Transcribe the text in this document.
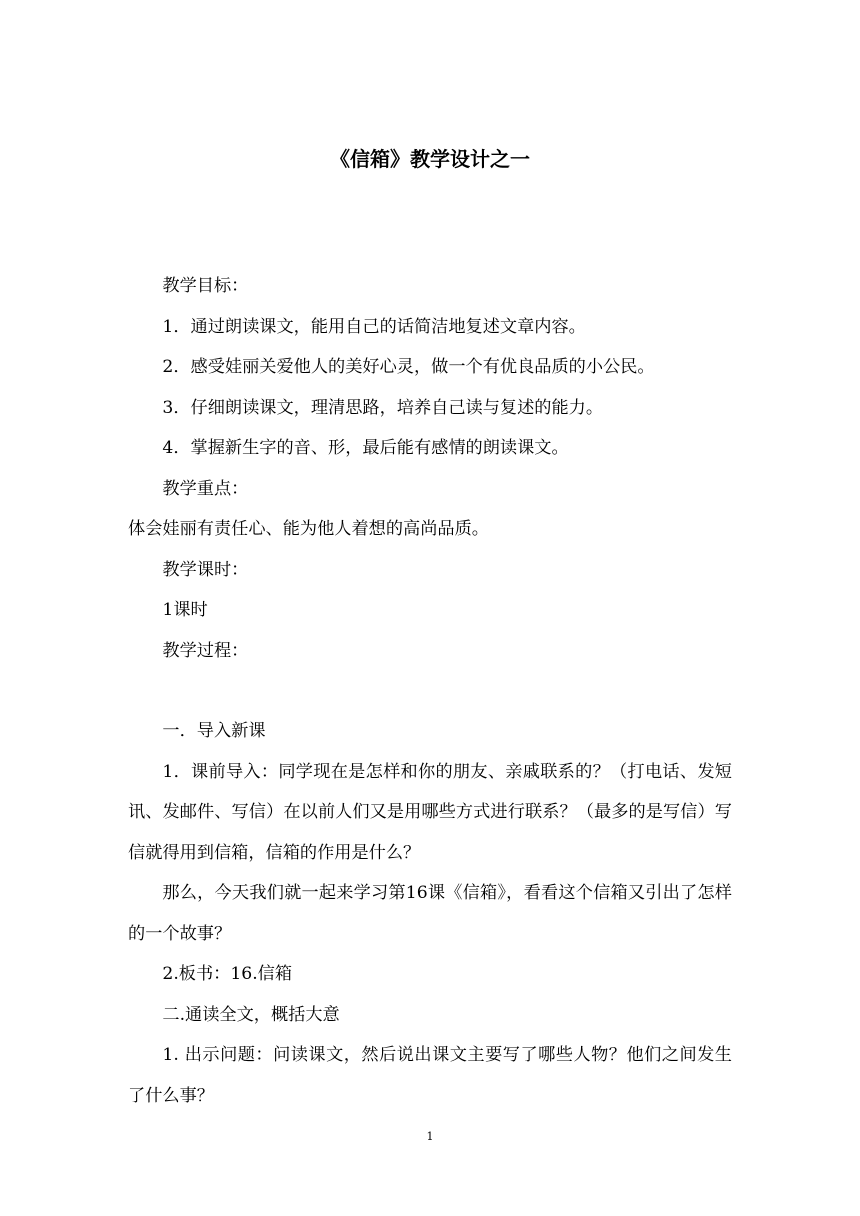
《信箱》教学设计之一

教学目标：

1．通过朗读课文，能用自己的话简洁地复述文章内容。

2．感受娃丽关爱他人的美好心灵，做一个有优良品质的小公民。

3．仔细朗读课文，理清思路，培养自己读与复述的能力。

4．掌握新生字的音、形，最后能有感情的朗读课文。

教学重点：

体会娃丽有责任心、能为他人着想的高尚品质。

教学课时：

1课时

教学过程：

一．导入新课

1．课前导入：同学现在是怎样和你的朋友、亲戚联系的？（打电话、发短讯、发邮件、写信）在以前人们又是用哪些方式进行联系？（最多的是写信）写信就得用到信箱，信箱的作用是什么？

那么，今天我们就一起来学习第16课《信箱》，看看这个信箱又引出了怎样的一个故事？

2.板书：16.信箱

二.通读全文，概括大意

1. 出示问题：问读课文，然后说出课文主要写了哪些人物？他们之间发生了什么事？

1
